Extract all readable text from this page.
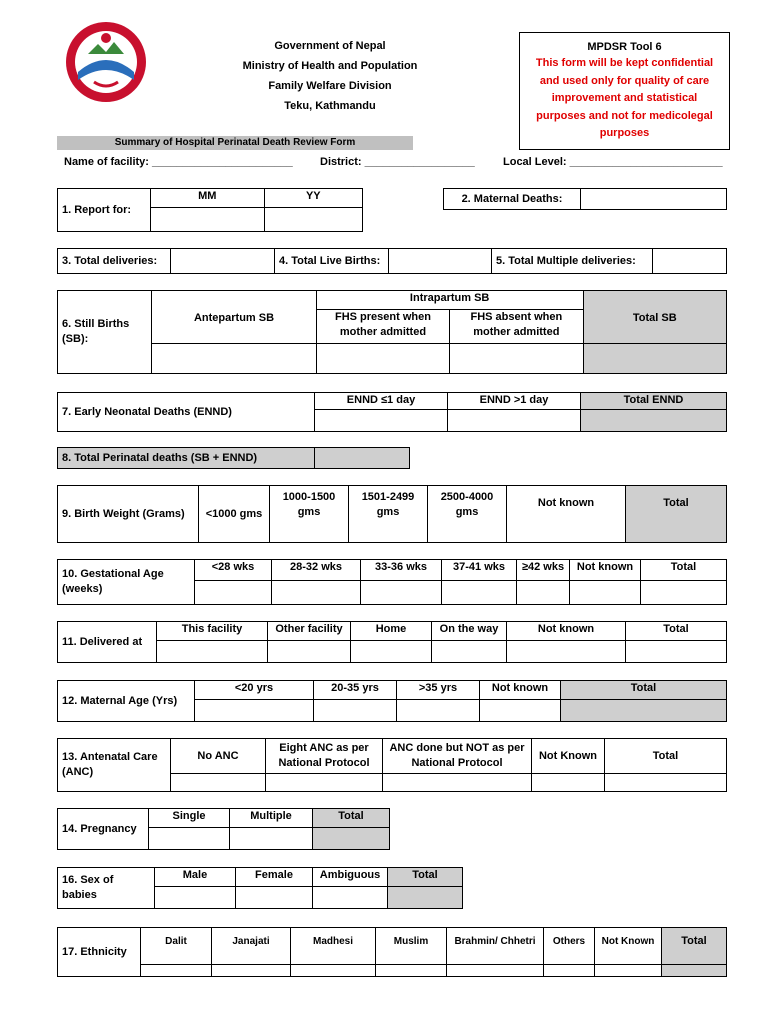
Government of Nepal
Ministry of Health and Population
Family Welfare Division
Teku, Kathmandu
MPDSR Tool 6
This form will be kept confidential
and used only for quality of care
improvement and statistical
purposes and not for medicolegal
purposes
Summary of Hospital Perinatal Death Review Form
Name of facility: _______________________ District: __________________	Local Level: _________________________
1. Report for:	MM	YY
		2. Maternal Deaths:	
3. Total deliveries:		4. Total Live Births:		5. Total Multiple deliveries:	
6. Still Births (SB):	Antepartum SB	Intrapartum SB		Total SB
		FHS present when mother admitted	FHS absent when mother admitted	

7. Early Neonatal Deaths (ENND)	ENND ≤1 day	ENND >1 day	Total ENND

8. Total Perinatal deaths (SB + ENND)	
9. Birth Weight (Grams)	<1000 gms	1000-1500 gms	1501-2499 gms	2500-4000 gms	Not known	Total
10. Gestational Age (weeks)	<28 wks	28-32 wks	33-36 wks	37-41 wks	≥42 wks	Not known	Total

11. Delivered at	This facility	Other facility	Home	On the way	Not known	Total

12. Maternal Age (Yrs)	<20 yrs	20-35 yrs	>35 yrs	Not known	Total

13. Antenatal Care (ANC)	No ANC	Eight ANC as per National Protocol	ANC done but NOT as per National Protocol	Not Known	Total

14. Pregnancy	Single	Multiple	Total

16. Sex of babies	Male	Female	Ambiguous	Total

17. Ethnicity	Dalit	Janajati	Madhesi	Muslim	Brahmin/ Chhetri	Others	Not Known	Total
